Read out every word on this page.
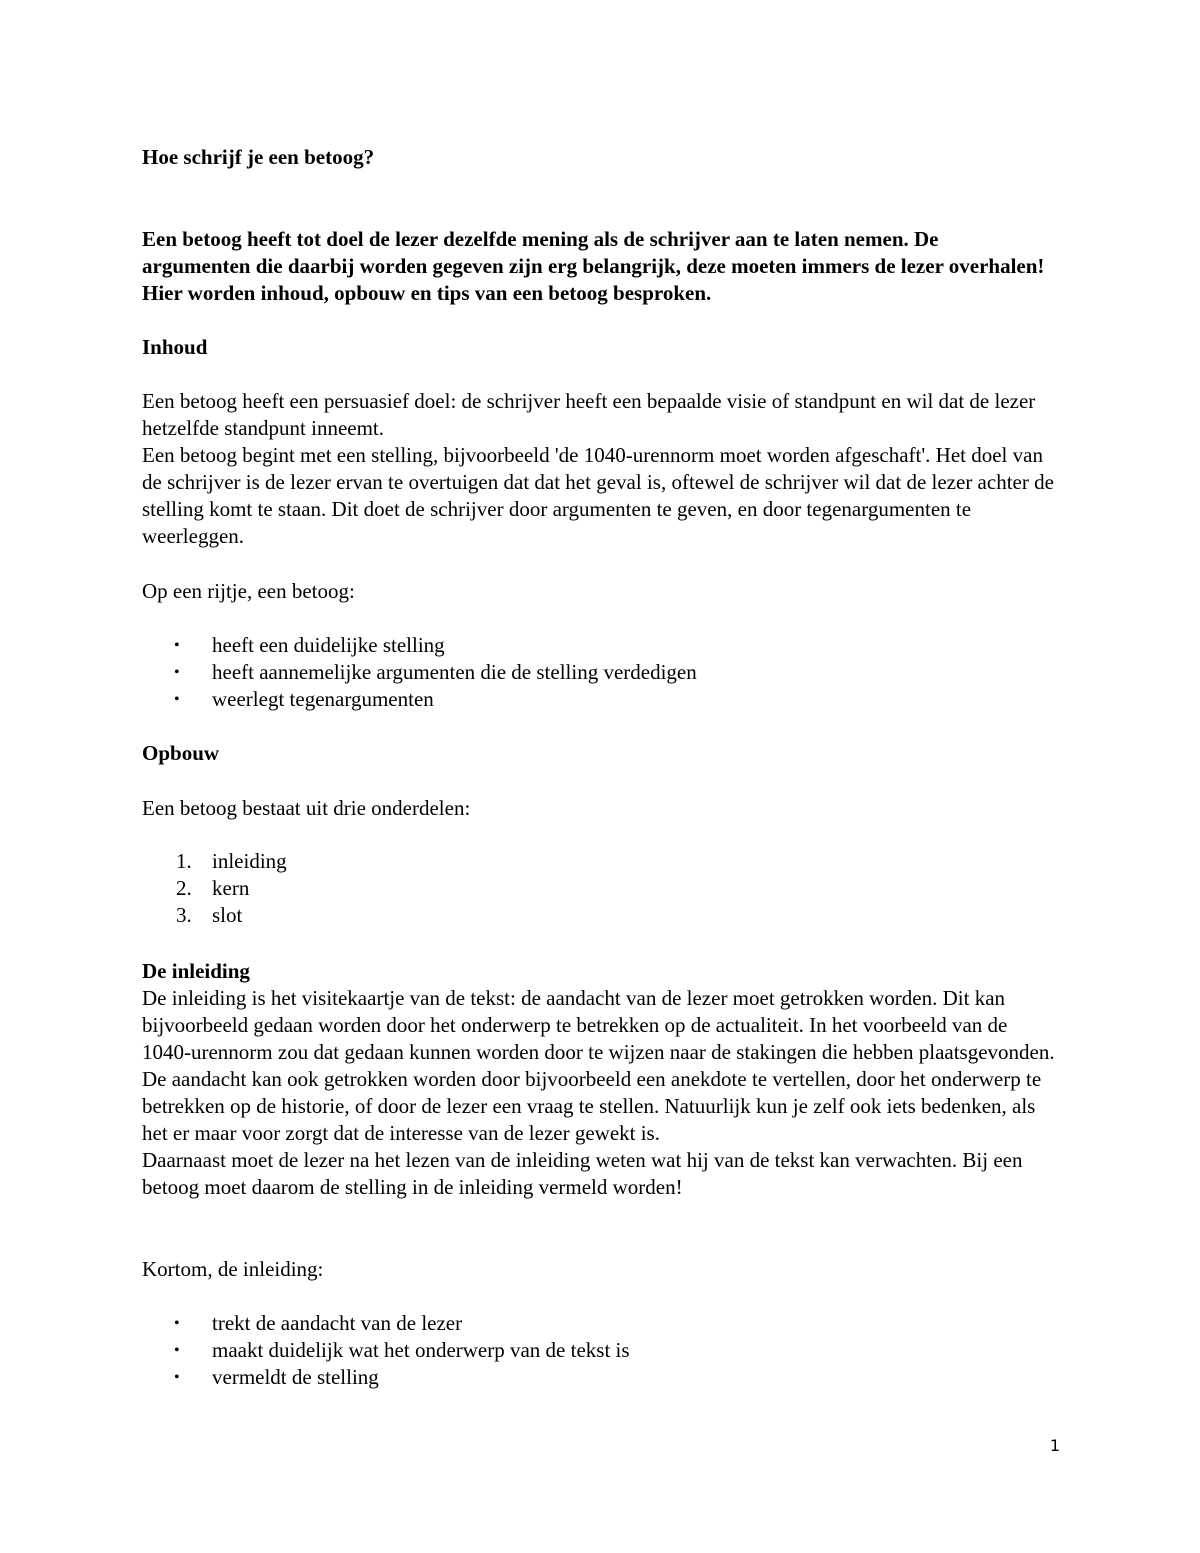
Hoe schrijf je een betoog?

Een betoog heeft tot doel de lezer dezelfde mening als de schrijver aan te laten nemen. De argumenten die daarbij worden gegeven zijn erg belangrijk, deze moeten immers de lezer overhalen! Hier worden inhoud, opbouw en tips van een betoog besproken.

Inhoud

Een betoog heeft een persuasief doel: de schrijver heeft een bepaalde visie of standpunt en wil dat de lezer hetzelfde standpunt inneemt.

Een betoog begint met een stelling, bijvoorbeeld 'de 1040-urennorm moet worden afgeschaft'. Het doel van de schrijver is de lezer ervan te overtuigen dat dat het geval is, oftewel de schrijver wil dat de lezer achter de stelling komt te staan. Dit doet de schrijver door argumenten te geven, en door tegenargumenten te weerleggen.

Op een rijtje, een betoog:

• heeft een duidelijke stelling
• heeft aannemelijke argumenten die de stelling verdedigen
• weerlegt tegenargumenten

Opbouw

Een betoog bestaat uit drie onderdelen:

1. inleiding
2. kern
3. slot

De inleiding

De inleiding is het visitekaartje van de tekst: de aandacht van de lezer moet getrokken worden. Dit kan bijvoorbeeld gedaan worden door het onderwerp te betrekken op de actualiteit. In het voorbeeld van de 1040-urennorm zou dat gedaan kunnen worden door te wijzen naar de stakingen die hebben plaatsgevonden. De aandacht kan ook getrokken worden door bijvoorbeeld een anekdote te vertellen, door het onderwerp te betrekken op de historie, of door de lezer een vraag te stellen. Natuurlijk kun je zelf ook iets bedenken, als het er maar voor zorgt dat de interesse van de lezer gewekt is.

Daarnaast moet de lezer na het lezen van de inleiding weten wat hij van de tekst kan verwachten. Bij een betoog moet daarom de stelling in de inleiding vermeld worden!

Kortom, de inleiding:

• trekt de aandacht van de lezer
• maakt duidelijk wat het onderwerp van de tekst is
• vermeldt de stelling
1
